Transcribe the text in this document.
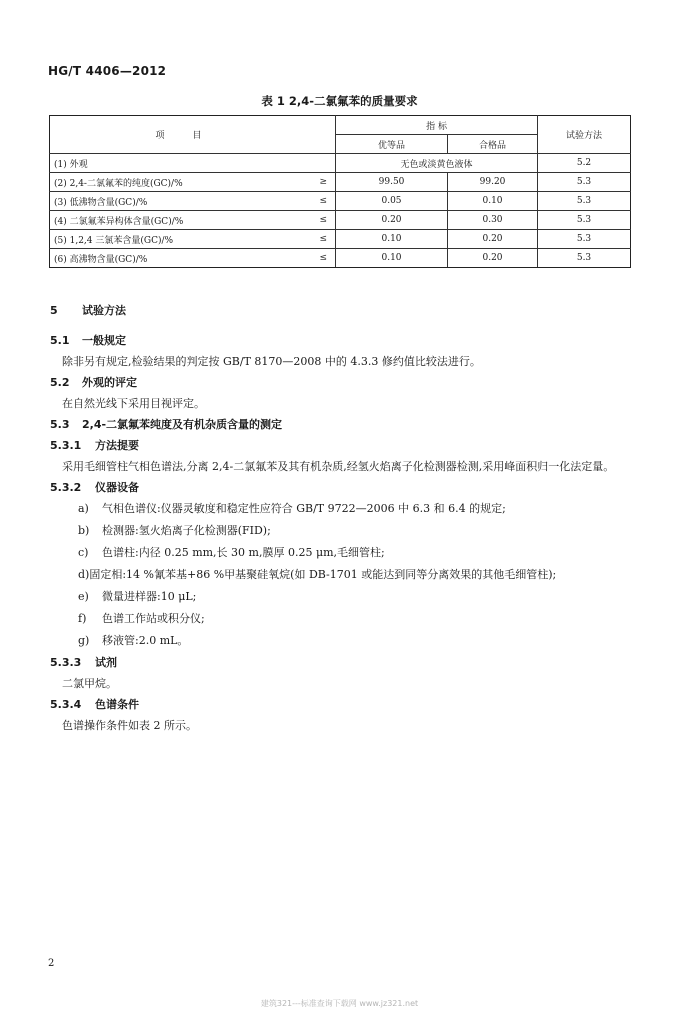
HG/T 4406—2012
表 1 2,4-二氯氟苯的质量要求
项目		指 标		试验方法
		优等品	合格品	
(1) 外观		无色或淡黄色液体		5.2
(2) 2,4-二氯氟苯的纯度(GC)/%	≥	99.50	99.20	5.3
(3) 低沸物含量(GC)/%	≤	0.05	0.10	5.3
(4) 二氯氟苯异构体含量(GC)/%	≤	0.20	0.30	5.3
(5) 1,2,4 三氯苯含量(GC)/%	≤	0.10	0.20	5.3
(6) 高沸物含量(GC)/%	≤	0.10	0.20	5.3
5 试验方法
5.1 一般规定
除非另有规定,检验结果的判定按 GB/T 8170—2008 中的 4.3.3 修约值比较法进行。
5.2 外观的评定
在自然光线下采用目视评定。
5.3 2,4-二氯氟苯纯度及有机杂质含量的测定
5.3.1 方法提要
采用毛细管柱气相色谱法,分离 2,4-二氯氟苯及其有机杂质,经氢火焰离子化检测器检测,采用峰面积归一化法定量。
5.3.2 仪器设备
a) 气相色谱仪:仪器灵敏度和稳定性应符合 GB/T 9722—2006 中 6.3 和 6.4 的规定;
b) 检测器:氢火焰离子化检测器(FID);
c) 色谱柱:内径 0.25 mm,长 30 m,膜厚 0.25 μm,毛细管柱;
d)固定相:14 %氰苯基+86 %甲基聚硅氧烷(如 DB-1701 或能达到同等分离效果的其他毛细管柱);
e) 微量进样器:10 μL;
f) 色谱工作站或积分仪;
g) 移液管:2.0 mL。
5.3.3 试剂
二氯甲烷。
5.3.4 色谱条件
色谱操作条件如表 2 所示。
2
建筑321---标准查询下载网 www.jz321.net
